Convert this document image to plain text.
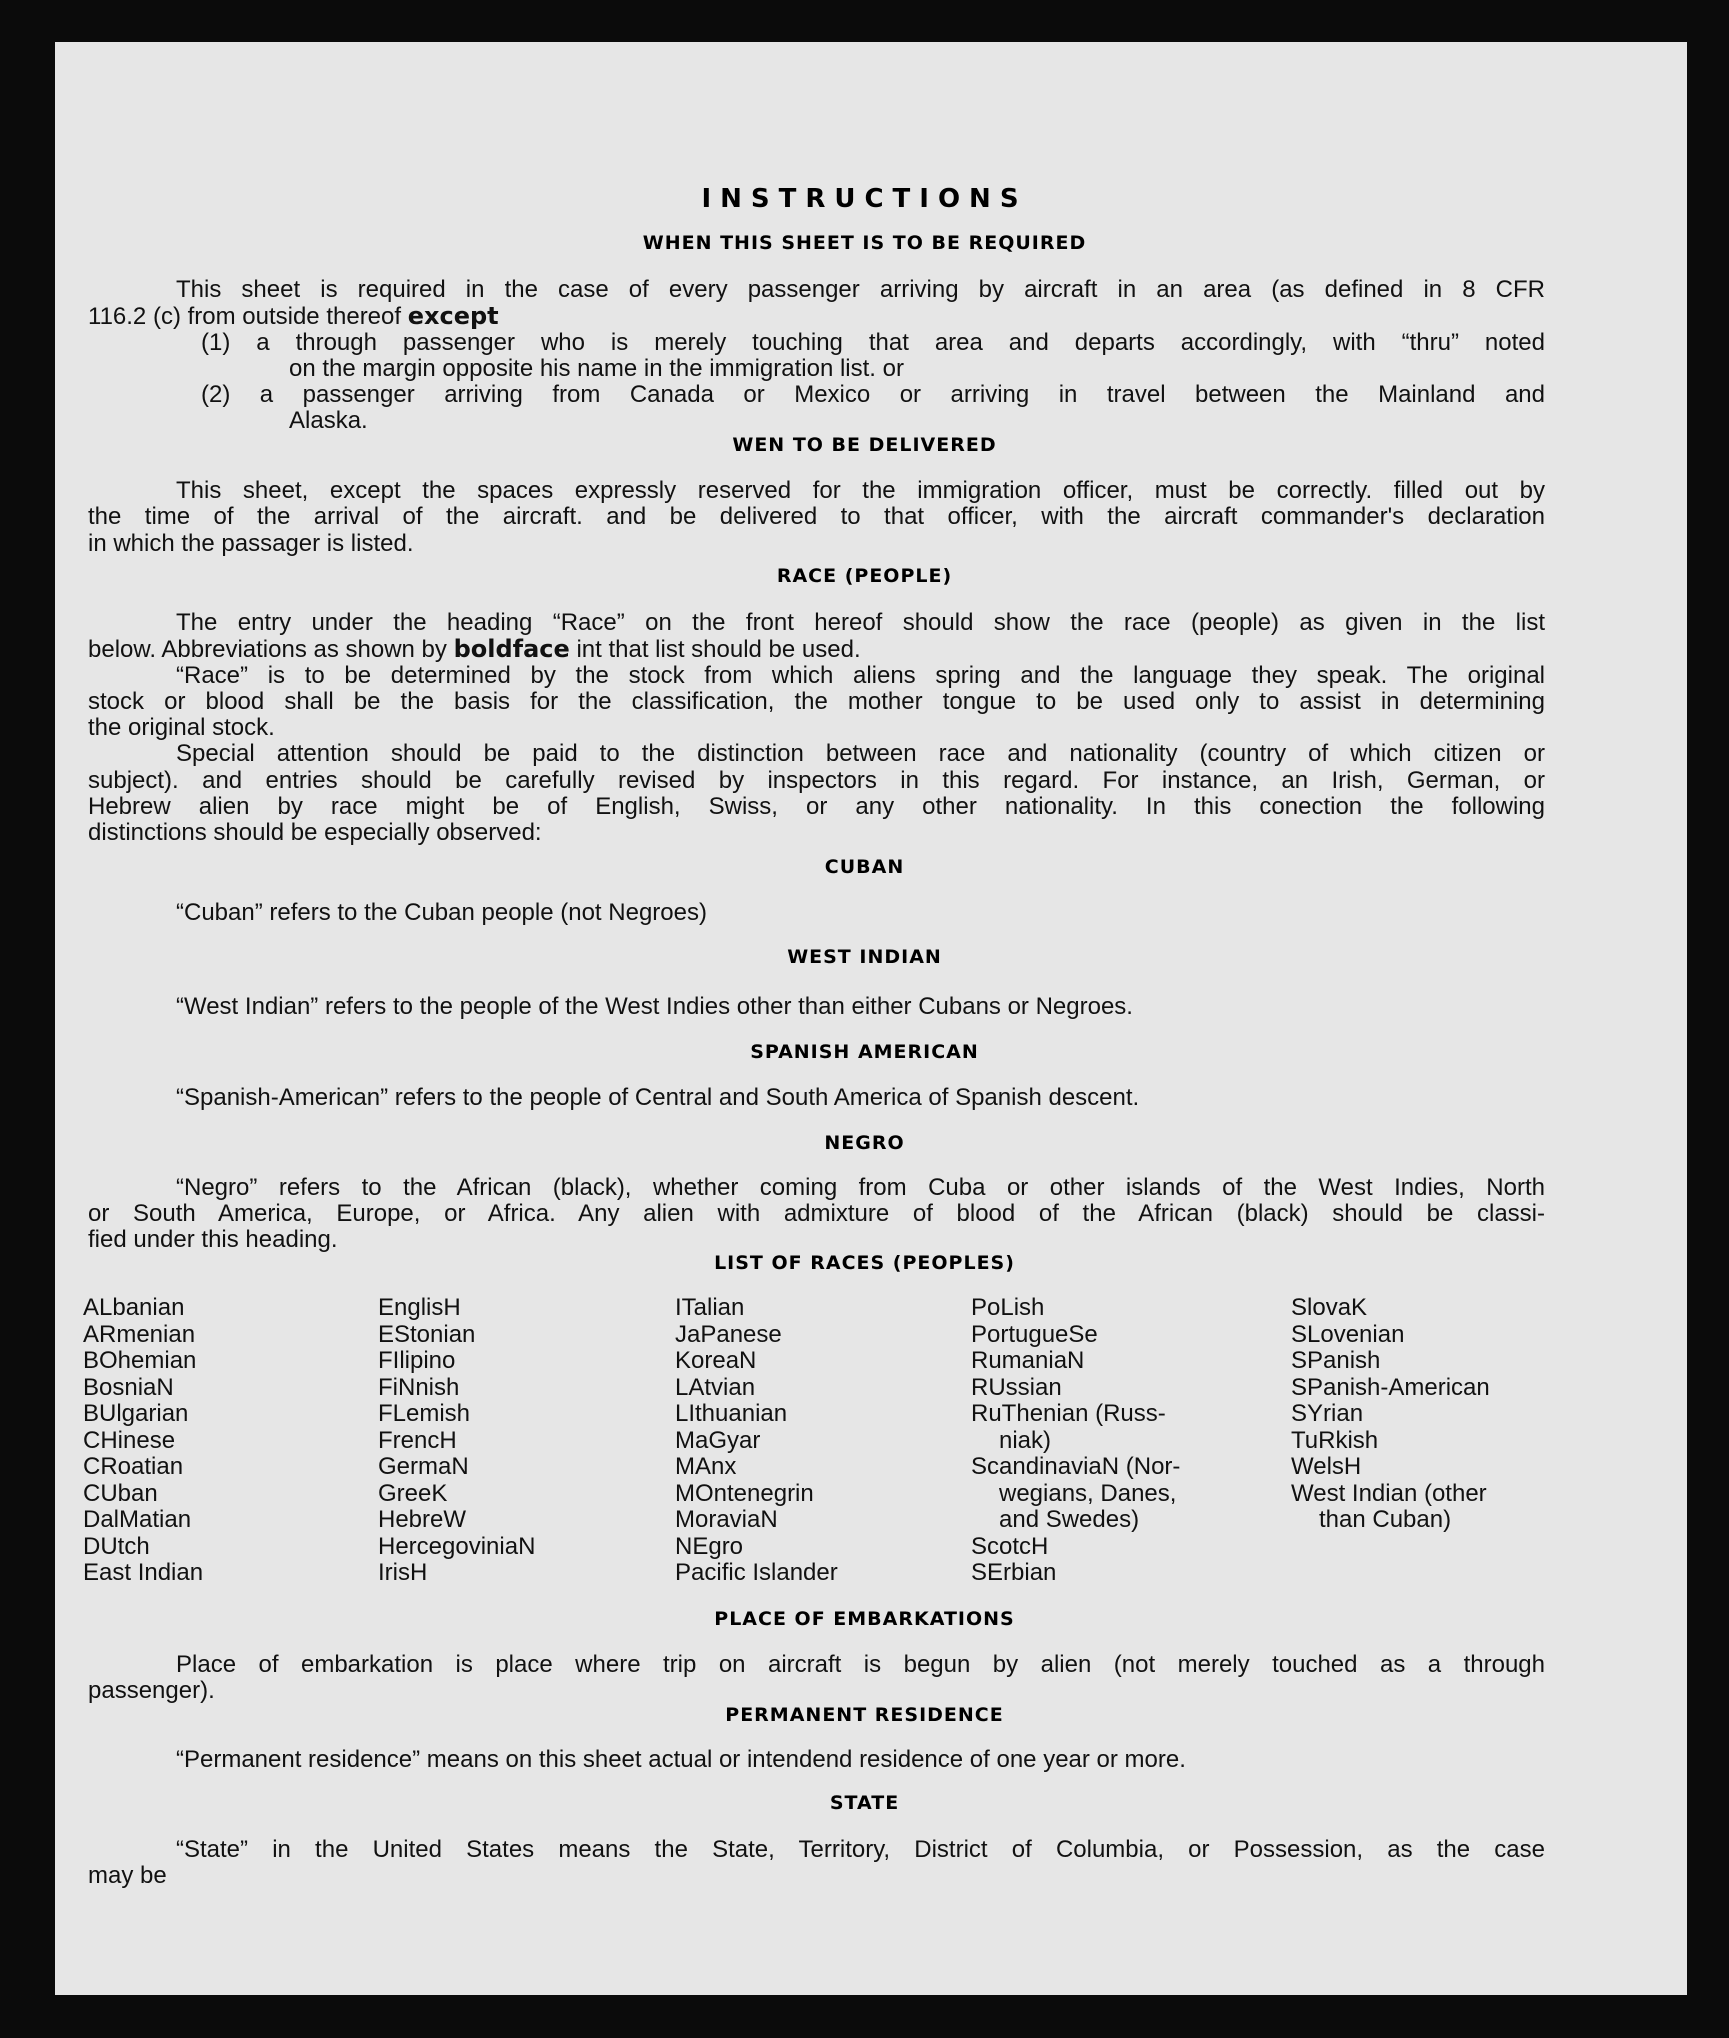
INSTRUCTIONS
WHEN THIS SHEET IS TO BE REQUIRED
This sheet is required in the case of every passenger arriving by aircraft in an area (as defined in 8 CFR
116.2 (c) from outside thereof except
(1) a through passenger who is merely touching that area and departs accordingly, with “thru” noted
on the margin opposite his name in the immigration list. or
(2) a passenger arriving from Canada or Mexico or arriving in travel between the Mainland and
Alaska.
WEN TO BE DELIVERED
This sheet, except the spaces expressly reserved for the immigration officer, must be correctly. filled out by
the time of the arrival of the aircraft. and be delivered to that officer, with the aircraft commander's declaration
in which the passager is listed.
RACE (PEOPLE)
The entry under the heading “Race” on the front hereof should show the race (people) as given in the list
below. Abbreviations as shown by boldface int that list should be used.
“Race” is to be determined by the stock from which aliens spring and the language they speak. The original
stock or blood shall be the basis for the classification, the mother tongue to be used only to assist in determining
the original stock.
Special attention should be paid to the distinction between race and nationality (country of which citizen or
subject). and entries should be carefully revised by inspectors in this regard. For instance, an Irish, German, or
Hebrew alien by race might be of English, Swiss, or any other nationality. In this conection the following
distinctions should be especially observed:
CUBAN
“Cuban” refers to the Cuban people (not Negroes)
WEST INDIAN
“West Indian” refers to the people of the West Indies other than either Cubans or Negroes.
SPANISH AMERICAN
“Spanish-American” refers to the people of Central and South America of Spanish descent.
NEGRO
“Negro” refers to the African (black), whether coming from Cuba or other islands of the West Indies, North
or South America, Europe, or Africa. Any alien with admixture of blood of the African (black) should be classi-
fied under this heading.
LIST OF RACES (PEOPLES)
ALbanian
ARmenian
BOhemian
BosniaN
BUlgarian
CHinese
CRoatian
CUban
DalMatian
DUtch
East Indian
EnglisH
EStonian
FIlipino
FiNnish
FLemish
FrencH
GermaN
GreeK
HebreW
HercegoviniaN
IrisH
ITalian
JaPanese
KoreaN
LAtvian
LIthuanian
MaGyar
MAnx
MOntenegrin
MoraviaN
NEgro
Pacific Islander
PoLish
PortugueSe
RumaniaN
RUssian
RuThenian (Russ-
niak)
ScandinaviaN (Nor-
wegians, Danes,
and Swedes)
ScotcH
SErbian
SlovaK
SLovenian
SPanish
SPanish-American
SYrian
TuRkish
WelsH
West Indian (other
than Cuban)
PLACE OF EMBARKATIONS
Place of embarkation is place where trip on aircraft is begun by alien (not merely touched as a through
passenger).
PERMANENT RESIDENCE
“Permanent residence” means on this sheet actual or intendend residence of one year or more.
STATE
“State” in the United States means the State, Territory, District of Columbia, or Possession, as the case
may be
